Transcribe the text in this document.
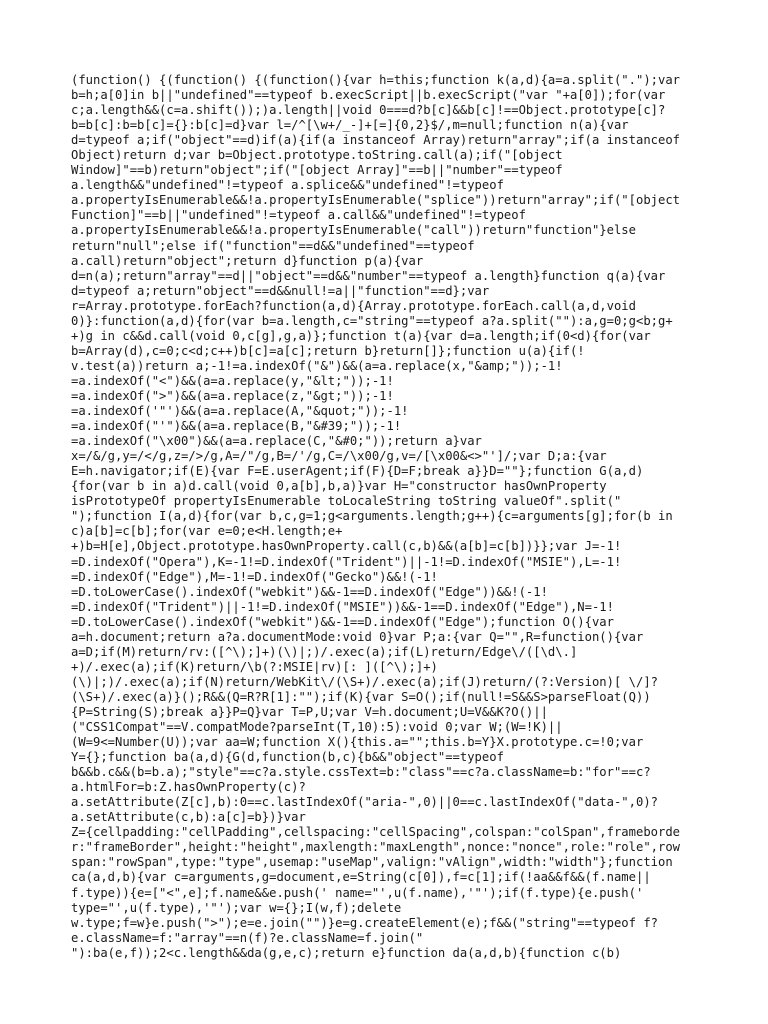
(function() {(function() {(function(){var h=this;function k(a,d){a=a.split(".");var
b=h;a[0]in b||"undefined"==typeof b.execScript||b.execScript("var "+a[0]);for(var
c;a.length&&(c=a.shift());)a.length||void 0===d?b[c]&&b[c]!==Object.prototype[c]?
b=b[c]:b=b[c]={}:b[c]=d}var l=/^[\w+/_-]+[=]{0,2}$/,m=null;function n(a){var
d=typeof a;if("object"==d)if(a){if(a instanceof Array)return"array";if(a instanceof
Object)return d;var b=Object.prototype.toString.call(a);if("[object
Window]"==b)return"object";if("[object Array]"==b||"number"==typeof
a.length&&"undefined"!=typeof a.splice&&"undefined"!=typeof
a.propertyIsEnumerable&&!a.propertyIsEnumerable("splice"))return"array";if("[object
Function]"==b||"undefined"!=typeof a.call&&"undefined"!=typeof
a.propertyIsEnumerable&&!a.propertyIsEnumerable("call"))return"function"}else
return"null";else if("function"==d&&"undefined"==typeof
a.call)return"object";return d}function p(a){var
d=n(a);return"array"==d||"object"==d&&"number"==typeof a.length}function q(a){var
d=typeof a;return"object"==d&&null!=a||"function"==d};var
r=Array.prototype.forEach?function(a,d){Array.prototype.forEach.call(a,d,void
0)}:function(a,d){for(var b=a.length,c="string"==typeof a?a.split(""):a,g=0;g<b;g+
+)g in c&&d.call(void 0,c[g],g,a)};function t(a){var d=a.length;if(0<d){for(var
b=Array(d),c=0;c<d;c++)b[c]=a[c];return b}return[]};function u(a){if(!
v.test(a))return a;-1!=a.indexOf("&")&&(a=a.replace(x,"&amp;"));-1!
=a.indexOf("<")&&(a=a.replace(y,"&lt;"));-1!
=a.indexOf(">")&&(a=a.replace(z,"&gt;"));-1!
=a.indexOf('"')&&(a=a.replace(A,"&quot;"));-1!
=a.indexOf("'")&&(a=a.replace(B,"&#39;"));-1!
=a.indexOf("\x00")&&(a=a.replace(C,"&#0;"));return a}var
x=/&/g,y=/</g,z=/>/g,A=/"/g,B=/'/g,C=/\x00/g,v=/[\x00&<>"']/;var D;a:{var
E=h.navigator;if(E){var F=E.userAgent;if(F){D=F;break a}}D=""};function G(a,d)
{for(var b in a)d.call(void 0,a[b],b,a)}var H="constructor hasOwnProperty
isPrototypeOf propertyIsEnumerable toLocaleString toString valueOf".split("
");function I(a,d){for(var b,c,g=1;g<arguments.length;g++){c=arguments[g];for(b in
c)a[b]=c[b];for(var e=0;e<H.length;e+
+)b=H[e],Object.prototype.hasOwnProperty.call(c,b)&&(a[b]=c[b])}};var J=-1!
=D.indexOf("Opera"),K=-1!=D.indexOf("Trident")||-1!=D.indexOf("MSIE"),L=-1!
=D.indexOf("Edge"),M=-1!=D.indexOf("Gecko")&&!(-1!
=D.toLowerCase().indexOf("webkit")&&-1==D.indexOf("Edge"))&&!(-1!
=D.indexOf("Trident")||-1!=D.indexOf("MSIE"))&&-1==D.indexOf("Edge"),N=-1!
=D.toLowerCase().indexOf("webkit")&&-1==D.indexOf("Edge");function O(){var
a=h.document;return a?a.documentMode:void 0}var P;a:{var Q="",R=function(){var
a=D;if(M)return/rv:([^\);]+)(\)|;)/.exec(a);if(L)return/Edge\/([\d\.]
+)/.exec(a);if(K)return/\b(?:MSIE|rv)[: ]([^\);]+)
(\)|;)/.exec(a);if(N)return/WebKit\/(\S+)/.exec(a);if(J)return/(?:Version)[ \/]?
(\S+)/.exec(a)}();R&&(Q=R?R[1]:"");if(K){var S=O();if(null!=S&&S>parseFloat(Q))
{P=String(S);break a}}P=Q}var T=P,U;var V=h.document;U=V&&K?O()||
("CSS1Compat"==V.compatMode?parseInt(T,10):5):void 0;var W;(W=!K)||
(W=9<=Number(U));var aa=W;function X(){this.a="";this.b=Y}X.prototype.c=!0;var
Y={};function ba(a,d){G(d,function(b,c){b&&"object"==typeof
b&&b.c&&(b=b.a);"style"==c?a.style.cssText=b:"class"==c?a.className=b:"for"==c?
a.htmlFor=b:Z.hasOwnProperty(c)?
a.setAttribute(Z[c],b):0==c.lastIndexOf("aria-",0)||0==c.lastIndexOf("data-",0)?
a.setAttribute(c,b):a[c]=b})}var
Z={cellpadding:"cellPadding",cellspacing:"cellSpacing",colspan:"colSpan",frameborde
r:"frameBorder",height:"height",maxlength:"maxLength",nonce:"nonce",role:"role",row
span:"rowSpan",type:"type",usemap:"useMap",valign:"vAlign",width:"width"};function
ca(a,d,b){var c=arguments,g=document,e=String(c[0]),f=c[1];if(!aa&&f&&(f.name||
f.type)){e=["<",e];f.name&&e.push(' name="',u(f.name),'"');if(f.type){e.push('
type="',u(f.type),'"');var w={};I(w,f);delete
w.type;f=w}e.push(">");e=e.join("")}e=g.createElement(e);f&&("string"==typeof f?
e.className=f:"array"==n(f)?e.className=f.join("
"):ba(e,f));2<c.length&&da(g,e,c);return e}function da(a,d,b){function c(b)
